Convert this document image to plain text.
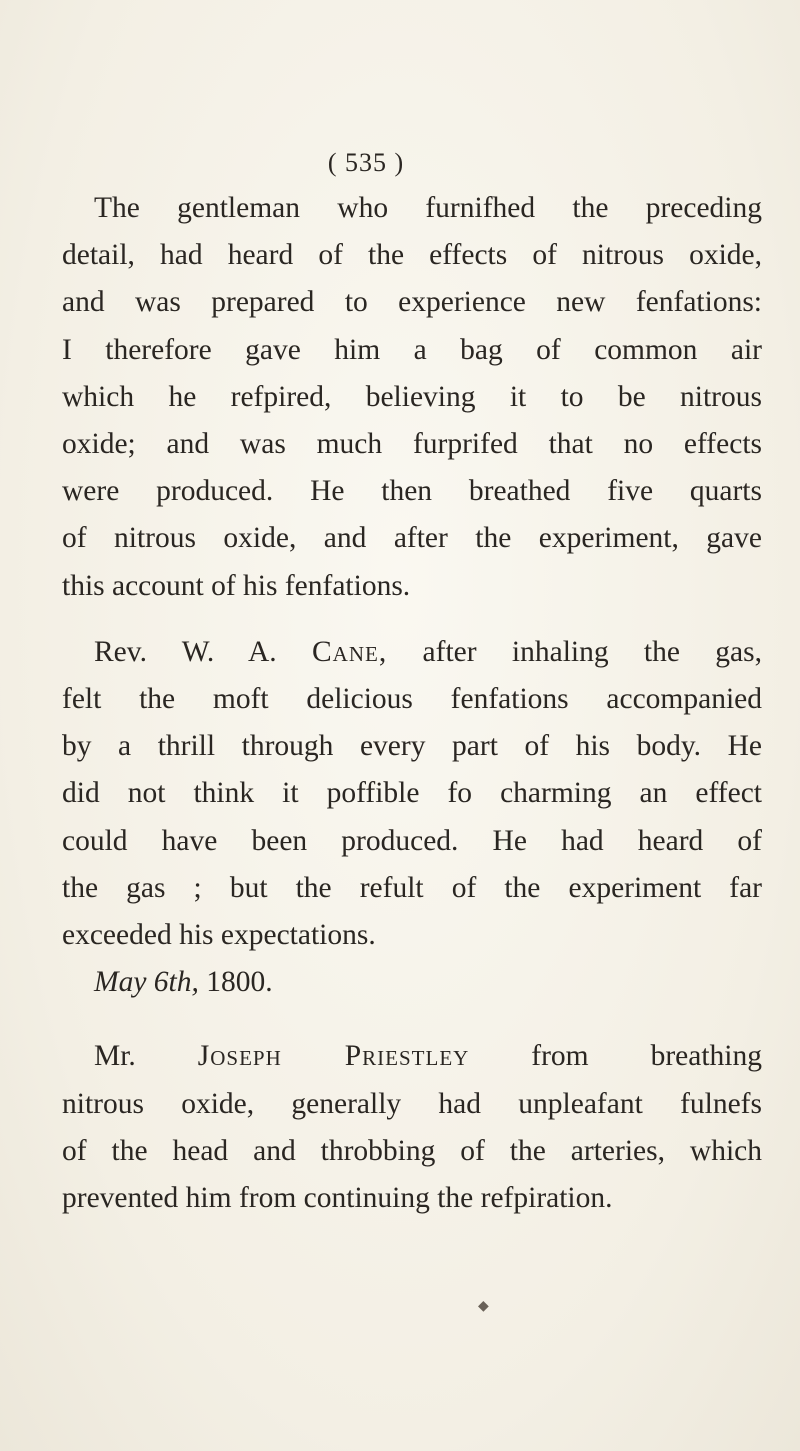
( 535 )

The gentleman who furnifhed the preceding
detail, had heard of the effects of nitrous oxide,
and was prepared to experience new fenfations:
I therefore gave him a bag of common air
which he refpired, believing it to be nitrous
oxide; and was much furprifed that no effects
were produced. He then breathed five quarts
of nitrous oxide, and after the experiment, gave
this account of his fenfations.

Rev. W. A. Cane, after inhaling the gas,
felt the moft delicious fenfations accompanied
by a thrill through every part of his body. He
did not think it poffible fo charming an effect
could have been produced. He had heard of
the gas ; but the refult of the experiment far
exceeded his expectations.

May 6th, 1800.

Mr. Joseph Priestley from breathing
nitrous oxide, generally had unpleafant fulnefs
of the head and throbbing of the arteries, which
prevented him from continuing the refpiration.

◆
